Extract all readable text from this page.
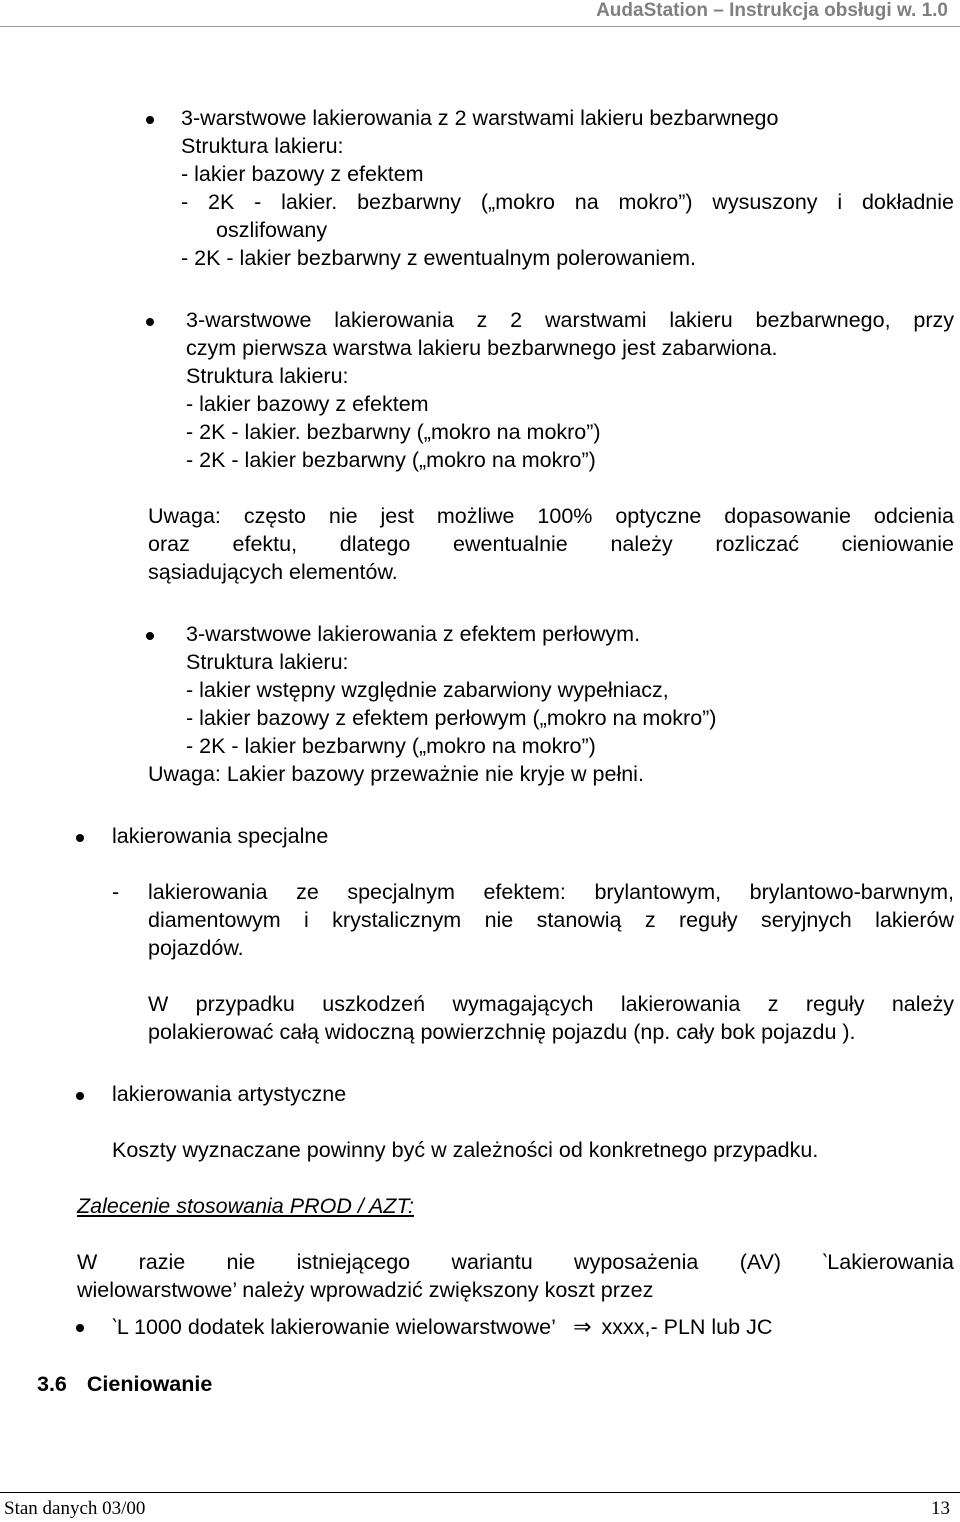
AudaStation – Instrukcja obsługi w. 1.0
3-warstwowe lakierowania z 2 warstwami lakieru bezbarwnego
Struktura lakieru:
- lakier bazowy z efektem
- 2K - lakier. bezbarwny („mokro na mokro”) wysuszony i dokładnie
oszlifowany
- 2K - lakier bezbarwny z ewentualnym polerowaniem.
3-warstwowe lakierowania z 2 warstwami lakieru bezbarwnego, przy
czym pierwsza warstwa lakieru bezbarwnego jest zabarwiona.
Struktura lakieru:
- lakier bazowy z efektem
- 2K - lakier. bezbarwny („mokro na mokro”)
- 2K - lakier bezbarwny („mokro na mokro”)
Uwaga: często nie jest możliwe 100% optyczne dopasowanie odcienia
oraz efektu, dlatego ewentualnie należy rozliczać cieniowanie
sąsiadujących elementów.
3-warstwowe lakierowania z efektem perłowym.
Struktura lakieru:
- lakier wstępny względnie zabarwiony wypełniacz,
- lakier bazowy z efektem perłowym („mokro na mokro”)
- 2K - lakier bezbarwny („mokro na mokro”)
Uwaga: Lakier bazowy przeważnie nie kryje w pełni.
lakierowania specjalne
- lakierowania ze specjalnym efektem: brylantowym, brylantowo-barwnym,
diamentowym i krystalicznym nie stanowią z reguły seryjnych lakierów
pojazdów.
W przypadku uszkodzeń wymagających lakierowania z reguły należy
polakierować całą widoczną powierzchnię pojazdu (np. cały bok pojazdu ).
lakierowania artystyczne
Koszty wyznaczane powinny być w zależności od konkretnego przypadku.
Zalecenie stosowania PROD / AZT:
W razie nie istniejącego wariantu wyposażenia (AV) ‵Lakierowania
wielowarstwowe’ należy wprowadzić zwiększony koszt przez
‵L 1000 dodatek lakierowanie wielowarstwowe’ ⇒ xxxx,- PLN lub JC
3.6 Cieniowanie
Stan danych 03/00	13
